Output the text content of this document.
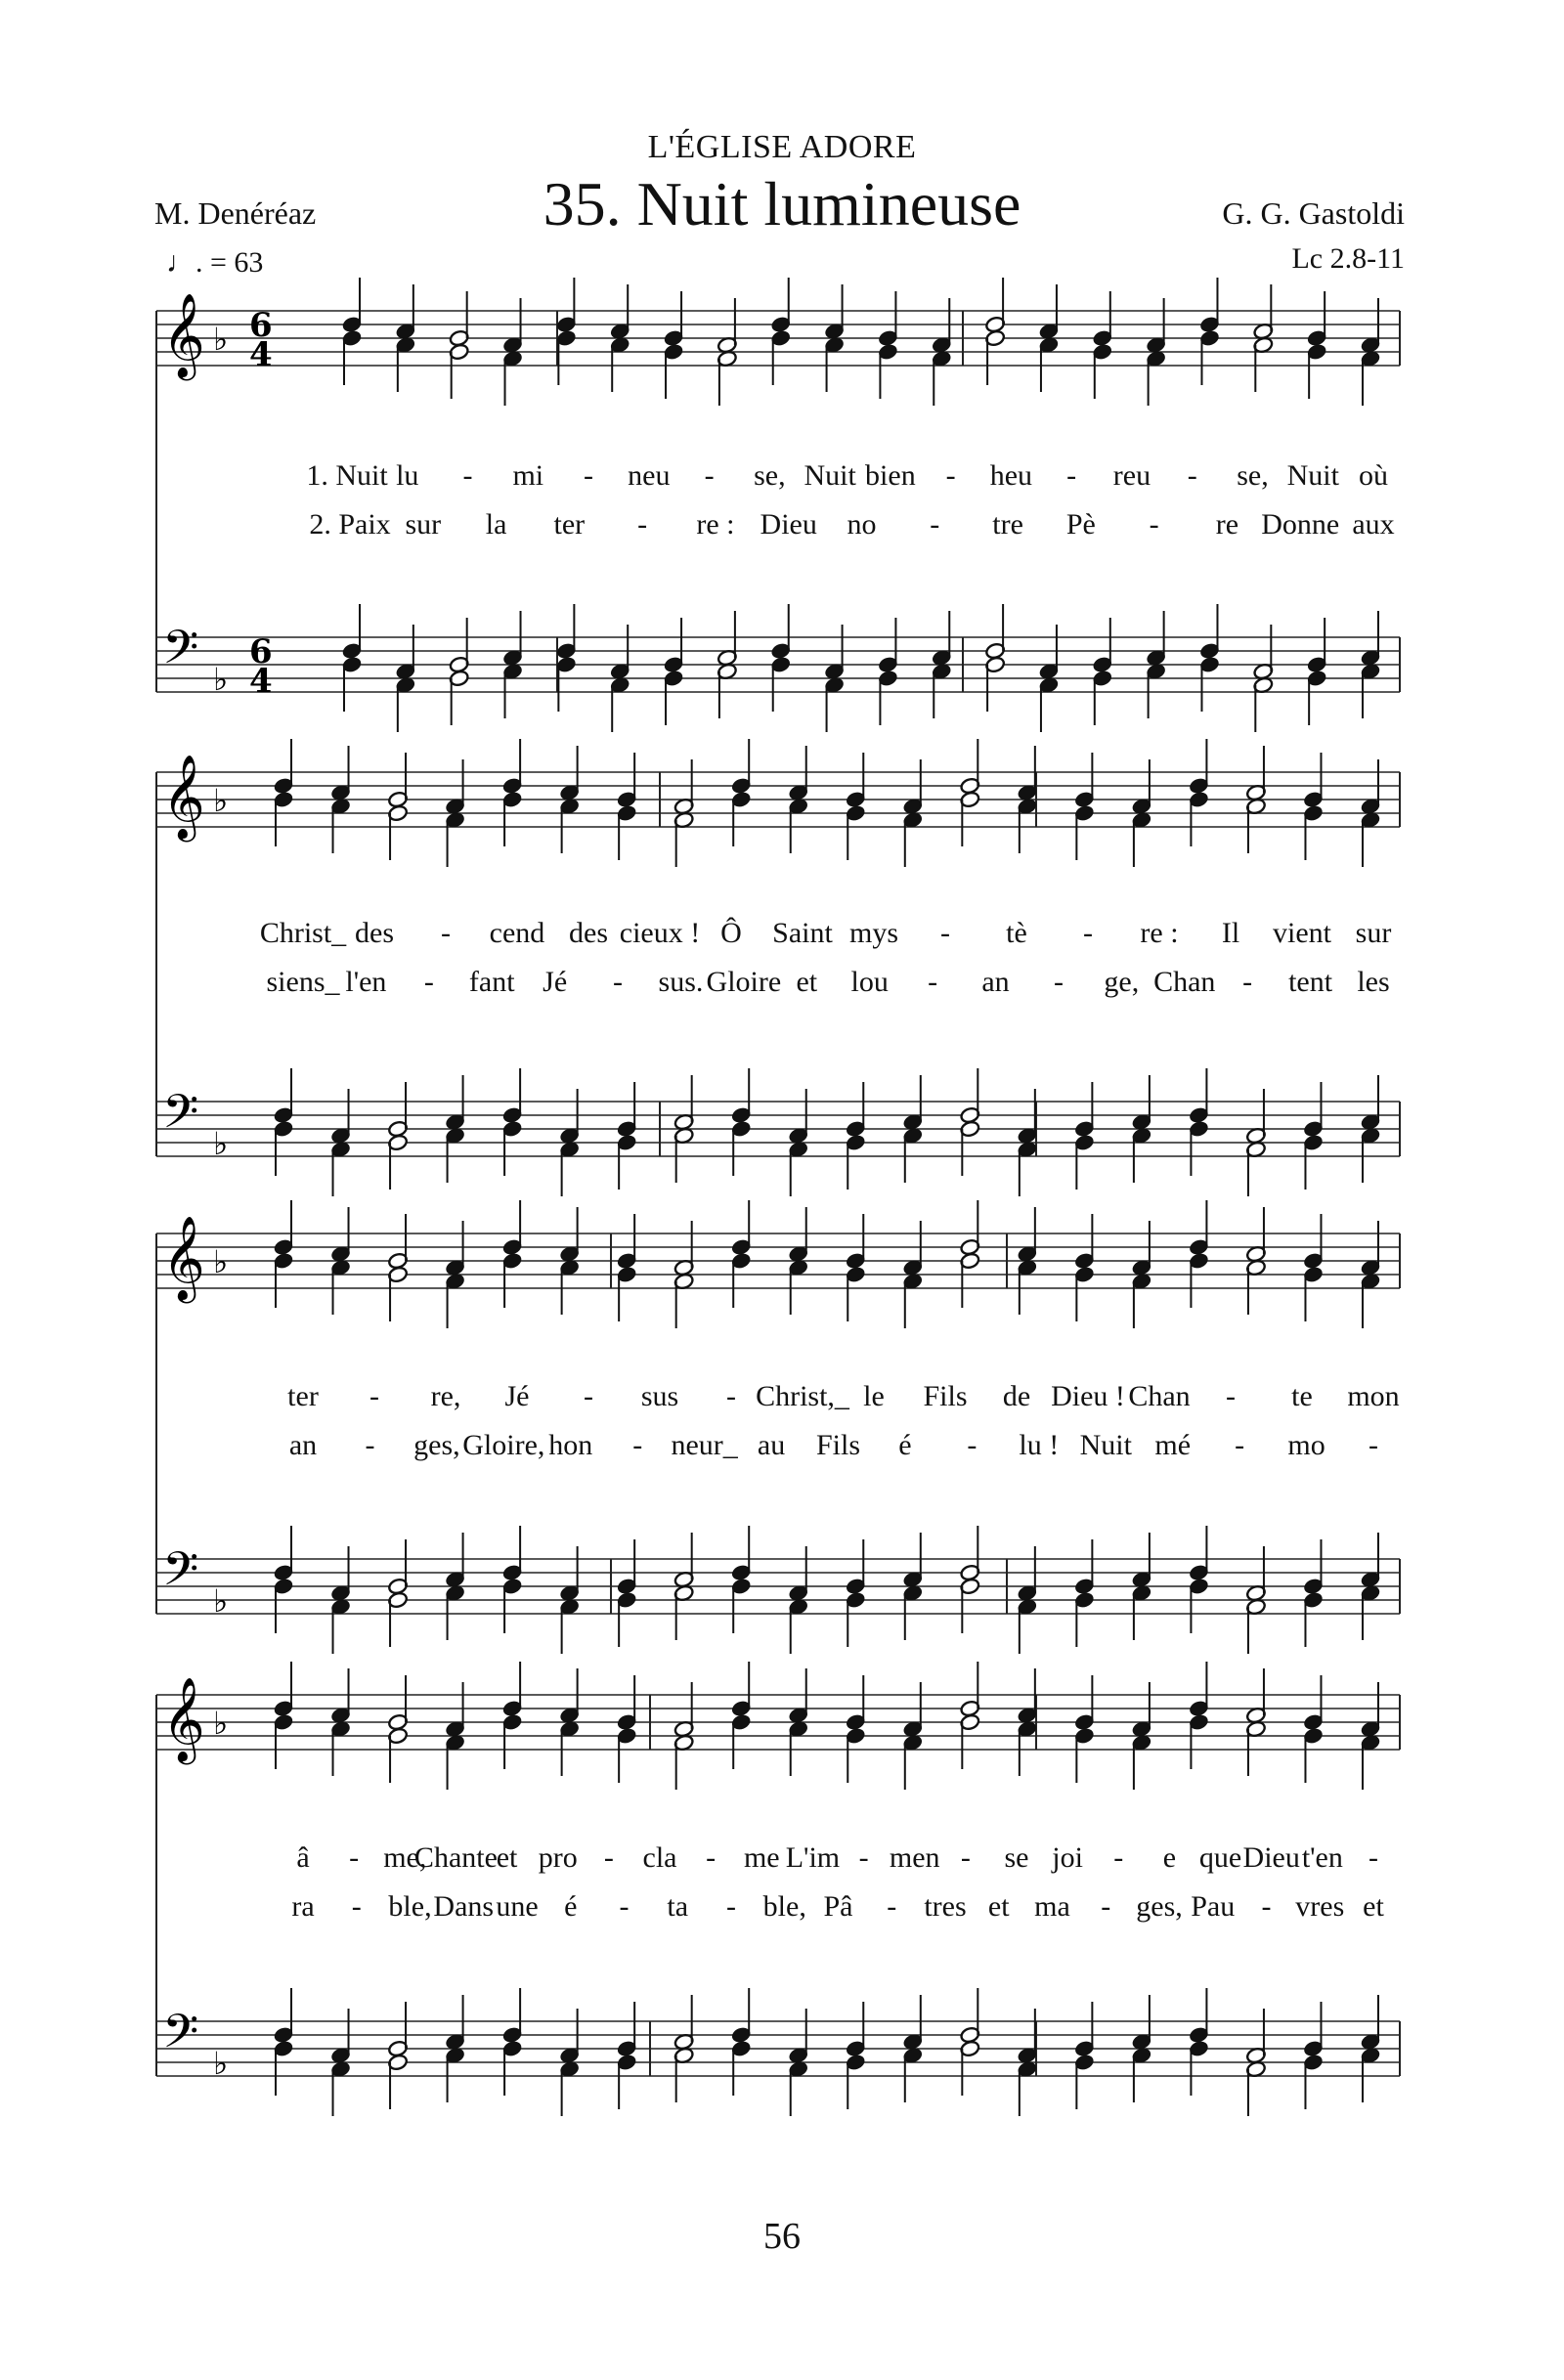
L'ÉGLISE ADORE
35. Nuit lumineuse
M. Denéréaz	G. G. Gastoldi
♩. = 63	Lc 2.8-11
𝄞
𝄢
♭
♭
6
4
6
4
𝄞
𝄢
♭
♭
𝄞
𝄢
♭
♭
𝄞
𝄢
♭
♭
1. Nuit lu - mi - neu - se, Nuit bien - heu - reu - se, Nuit où
2. Paix sur la ter - re : Dieu no - tre Pè - re Donne aux
Christ_ des - cend des cieux ! Ô Saint mys - tè - re : Il vient sur
siens_ l'en - fant Jé - sus. Gloire et lou - an - ge, Chan - tent les
ter - re, Jé - sus - Christ,_ le Fils de Dieu ! Chan - te mon
an - ges, Gloire, hon - neur_ au Fils é - lu ! Nuit mé - mo -
â - me,
Chante
et pro - cla - me L'im - men - se joi - e que Dieu t'en -
ra - ble, Dans une é - ta - ble, Pâ - tres et ma - ges, Pau - vres et
56
